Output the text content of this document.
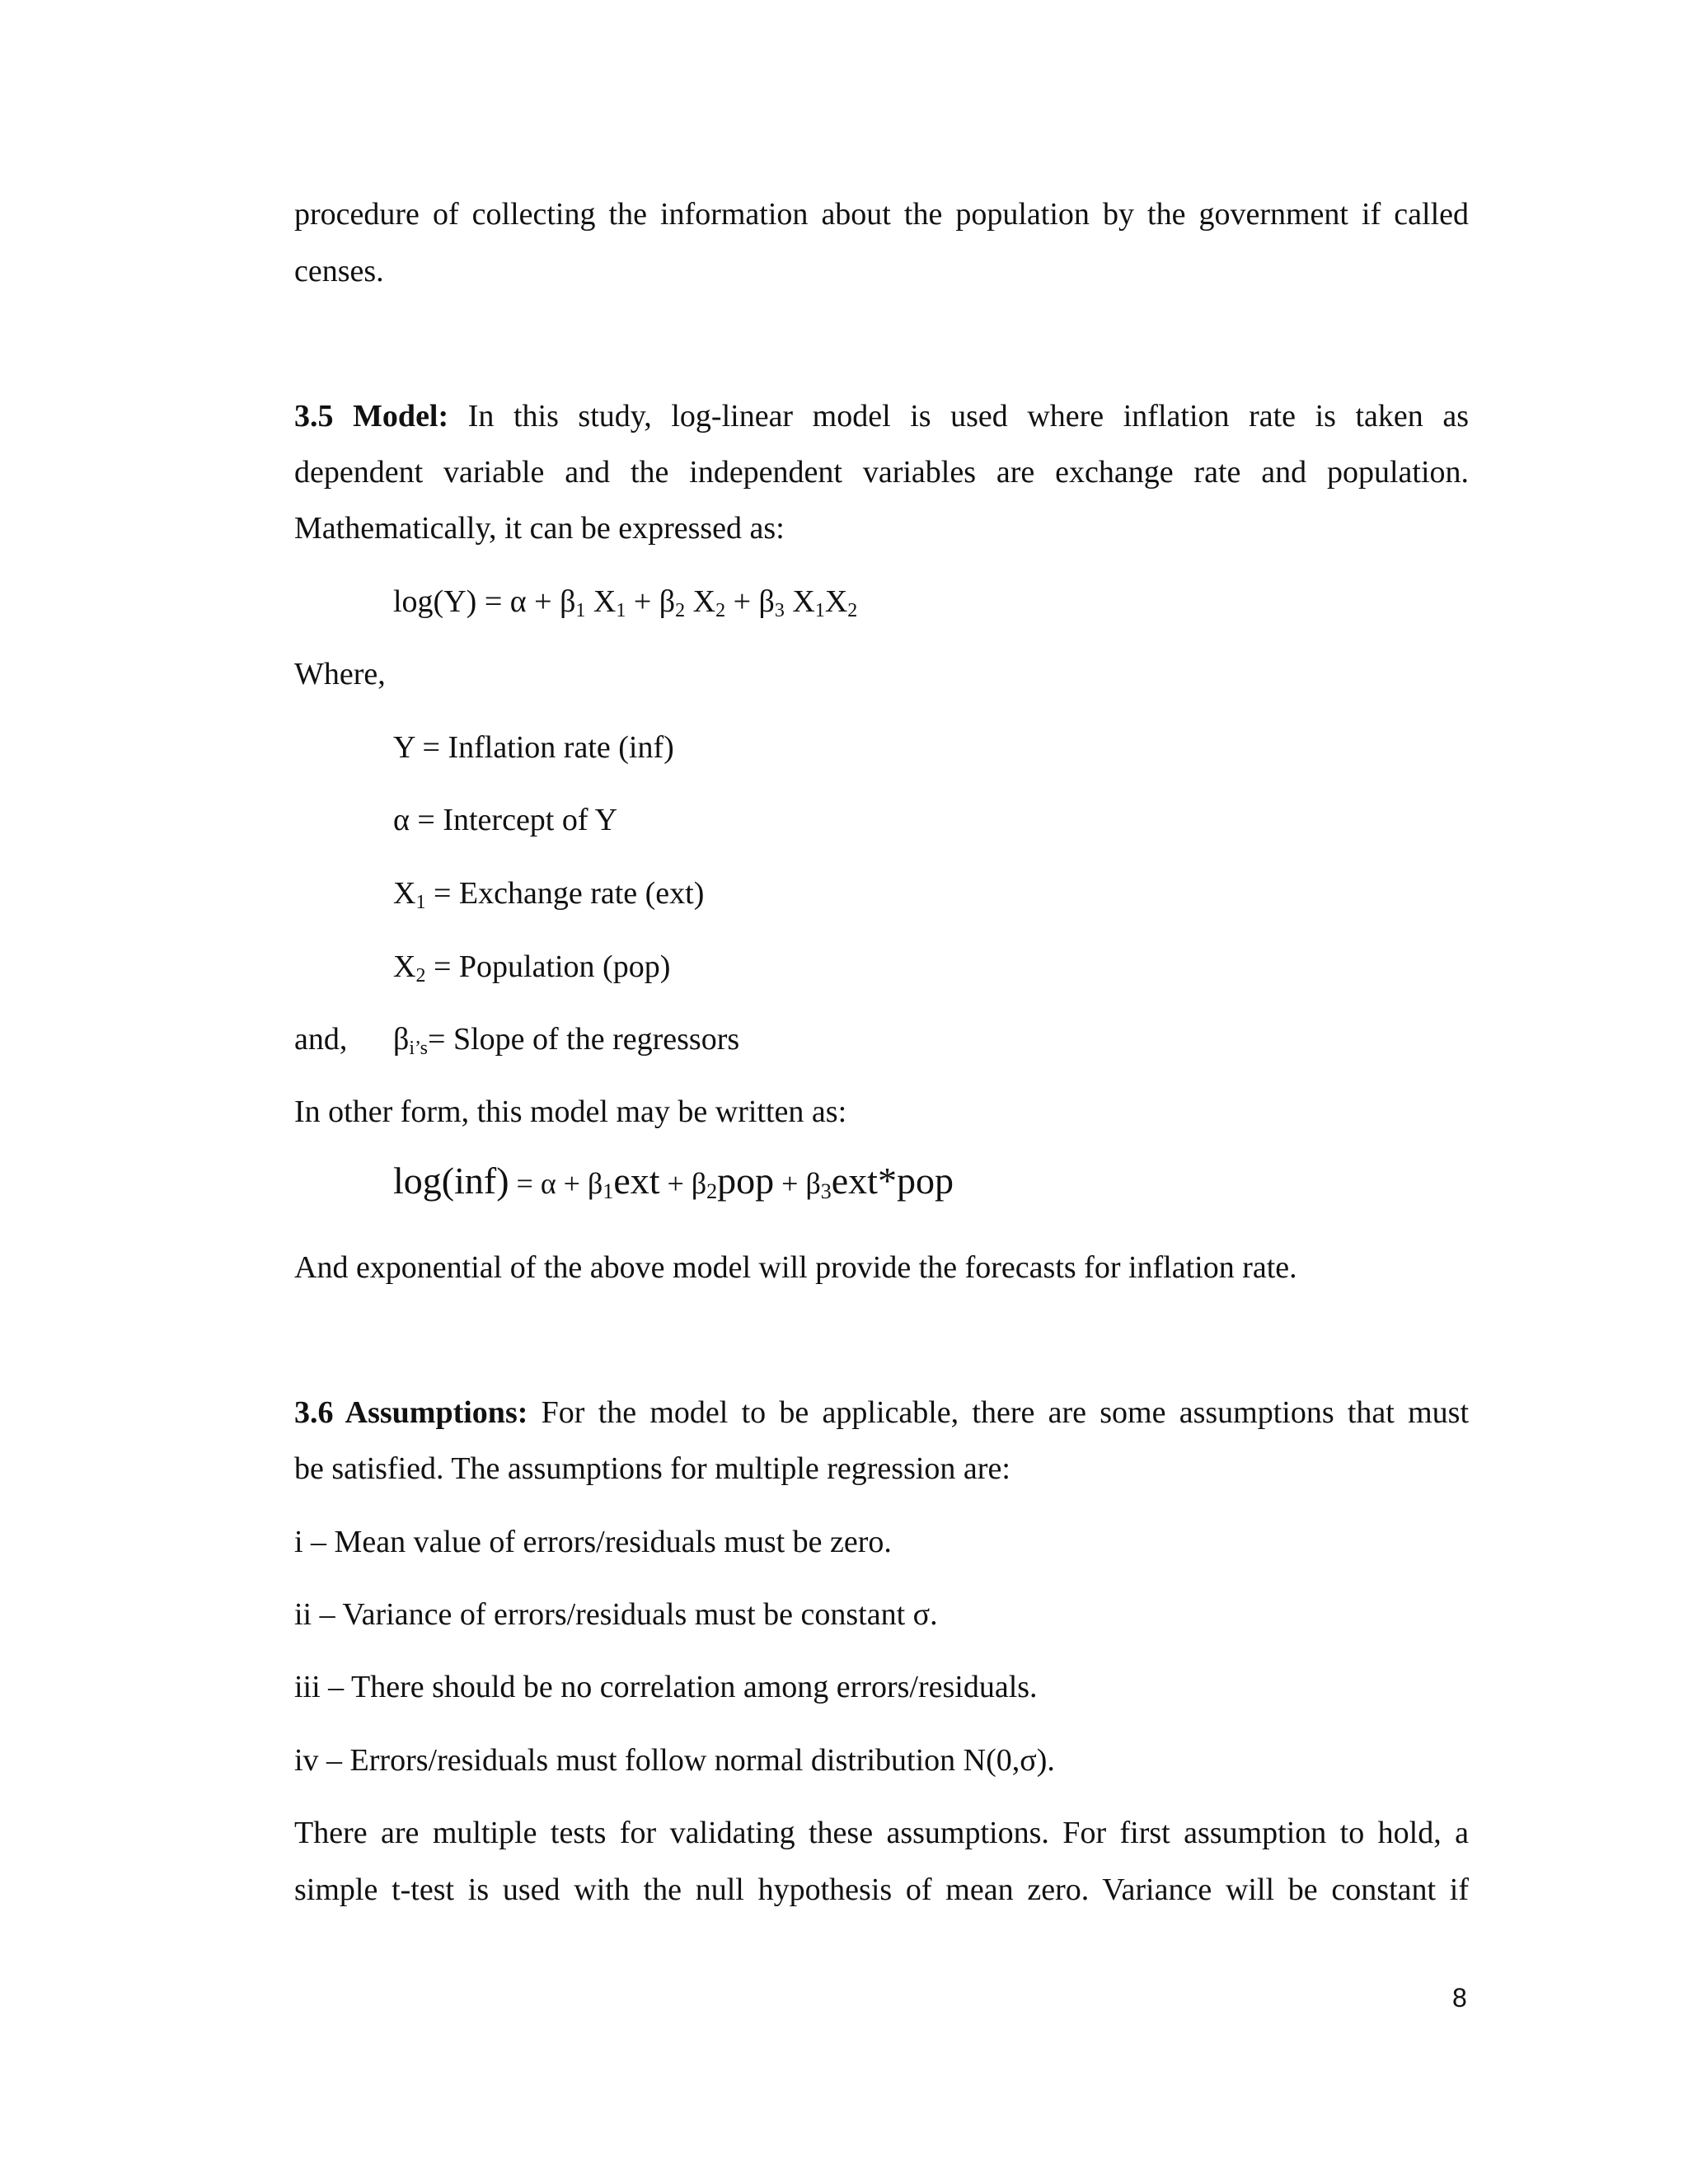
procedure of collecting the information about the population by the government if called
censes.
3.5 Model: In this study, log-linear model is used where inflation rate is taken as
dependent variable and the independent variables are exchange rate and population.
Mathematically, it can be expressed as:
$\log(Y) = \alpha + \beta_1$ $X_1 + \beta_2$ $X_2 + \beta_3$ $X_1X_2$
Where,
Y = Inflation rate (inf)
α = Intercept of Y
$X_1$ = Exchange rate (ext)
$X_2$ = Population (pop)
and, $\beta_{i’s}=$ Slope of the regressors
In other form, this model may be written as:
$\log(inf) = \alpha + \beta_1ext + \beta_2pop + \beta_3ext*pop$
And exponential of the above model will provide the forecasts for inflation rate.
3.6 Assumptions: For the model to be applicable, there are some assumptions that must
be satisfied. The assumptions for multiple regression are:
i – Mean value of errors/residuals must be zero.
ii – Variance of errors/residuals must be constant σ.
iii – There should be no correlation among errors/residuals.
iv – Errors/residuals must follow normal distribution N(0,σ).
There are multiple tests for validating these assumptions. For first assumption to hold, a
simple t-test is used with the null hypothesis of mean zero. Variance will be constant if
8
